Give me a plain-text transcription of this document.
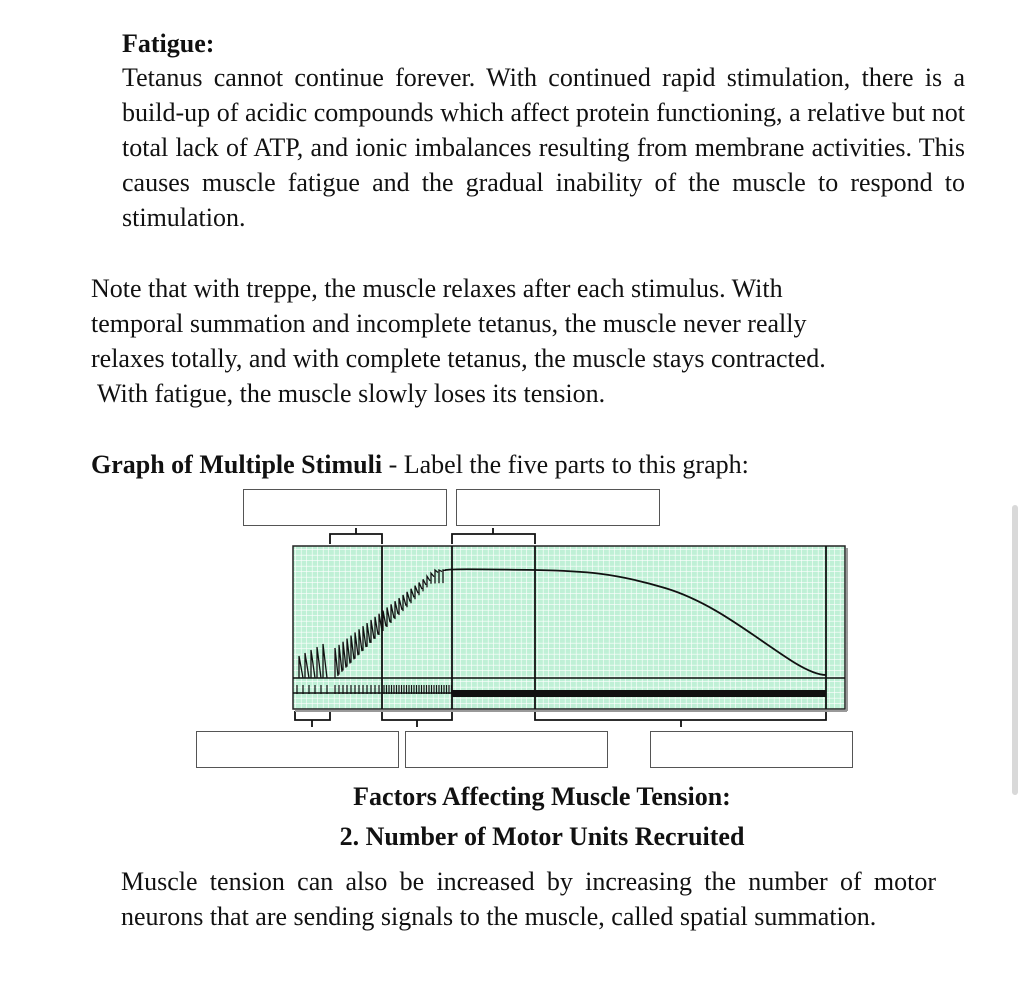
Fatigue:
Tetanus cannot continue forever. With continued rapid stimulation, there is a build-up of acidic compounds which affect protein functioning, a relative but not total lack of ATP, and ionic imbalances resulting from membrane activities. This causes muscle fatigue and the gradual inability of the muscle to respond to stimulation.
Note that with treppe, the muscle relaxes after each stimulus. With
temporal summation and incomplete tetanus, the muscle never really
relaxes totally, and with complete tetanus, the muscle stays contracted.
With fatigue, the muscle slowly loses its tension.
Graph of Multiple Stimuli - Label the five parts to this graph:
Factors Affecting Muscle Tension:
2. Number of Motor Units Recruited
Muscle tension can also be increased by increasing the number of motor neurons that are sending signals to the muscle, called spatial summation.
